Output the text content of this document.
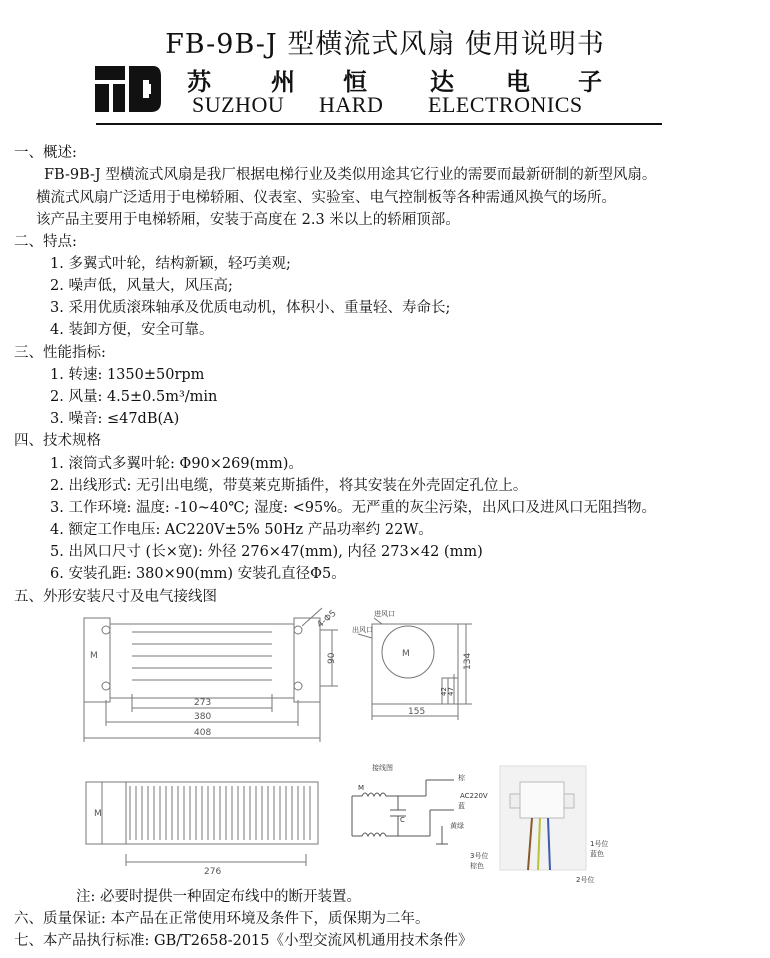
FB-9B-J 型横流式风扇 使用说明书
苏	州 恒	达 电 子
SUZHOU HARD ELECTRONICS
一、概述:
FB-9B-J 型横流式风扇是我厂根据电梯行业及类似用途其它行业的需要而最新研制的新型风扇。
横流式风扇广泛适用于电梯轿厢、仪表室、实验室、电气控制板等各种需通风换气的场所。
该产品主要用于电梯轿厢，安装于高度在 2.3 米以上的轿厢顶部。
二、特点:
1. 多翼式叶轮，结构新颖，轻巧美观;
2. 噪声低，风量大，风压高;
3. 采用优质滚珠轴承及优质电动机，体积小、重量轻、寿命长;
4. 装卸方便，安全可靠。
三、性能指标:
1. 转速: 1350±50rpm
2. 风量: 4.5±0.5m³/min
3. 噪音: ≤47dB(A)
四、技术规格
1. 滚筒式多翼叶轮: Φ90×269(mm)。
2. 出线形式: 无引出电缆，带莫莱克斯插件，将其安装在外壳固定孔位上。
3. 工作环境: 温度: -10~40℃; 湿度: <95%。无严重的灰尘污染，出风口及进风口无阻挡物。
4. 额定工作电压: AC220V±5% 50Hz 产品功率约 22W。
5. 出风口尺寸 (长×宽): 外径 276×47(mm), 内径 273×42 (mm)
6. 安装孔距: 380×90(mm) 安装孔直径Φ5。
五、外形安装尺寸及电气接线图
M
273
380
408
90
4-Φ5
M
进风口
出风口
134
42 47
155
M
276
接线图
M
C
棕
蓝
黄绿
AC220V
1号位
蓝色
3号位
棕色
2号位
注: 必要时提供一种固定布线中的断开装置。
六、质量保证: 本产品在正常使用环境及条件下，质保期为二年。
七、本产品执行标准: GB/T2658-2015《小型交流风机通用技术条件》
